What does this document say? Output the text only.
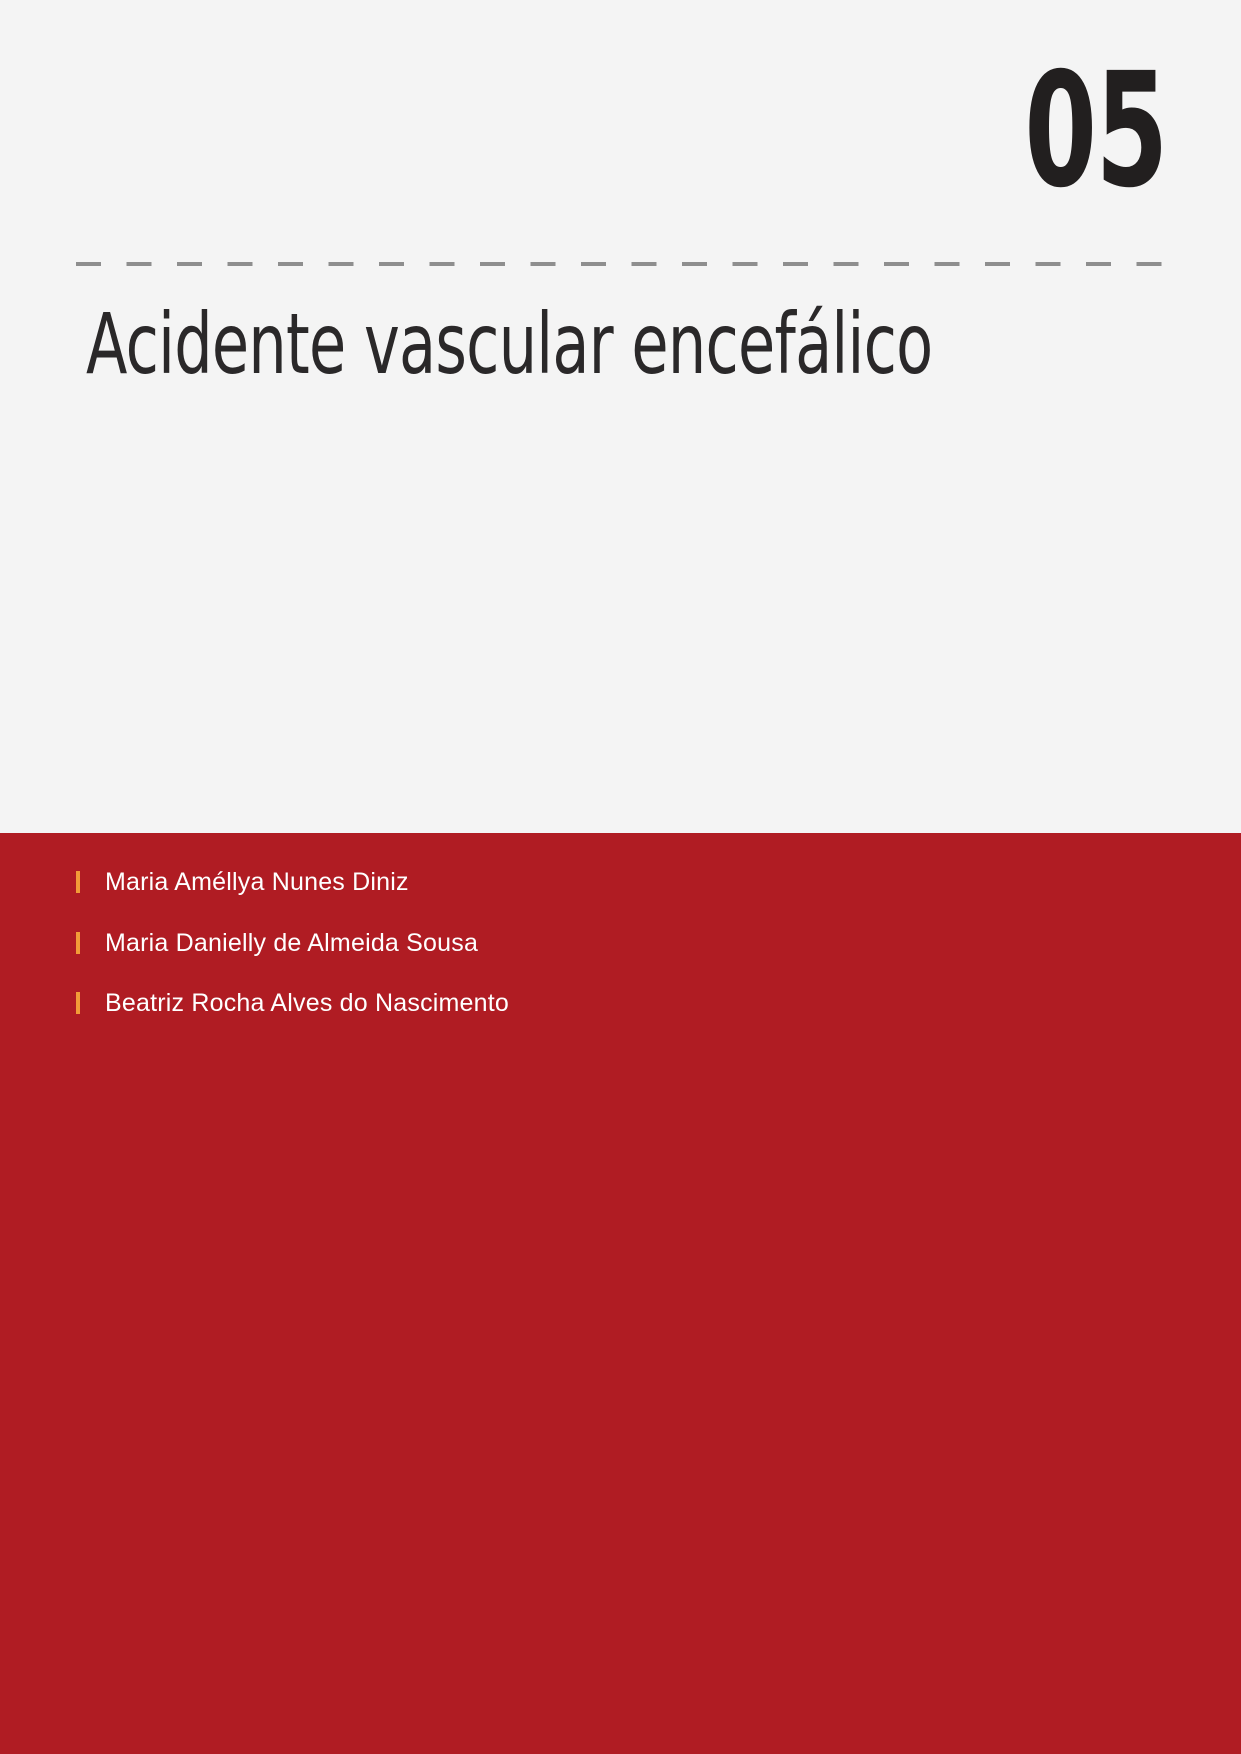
05
Acidente vascular encefálico
Maria Améllya Nunes Diniz
Maria Danielly de Almeida Sousa
Beatriz Rocha Alves do Nascimento
